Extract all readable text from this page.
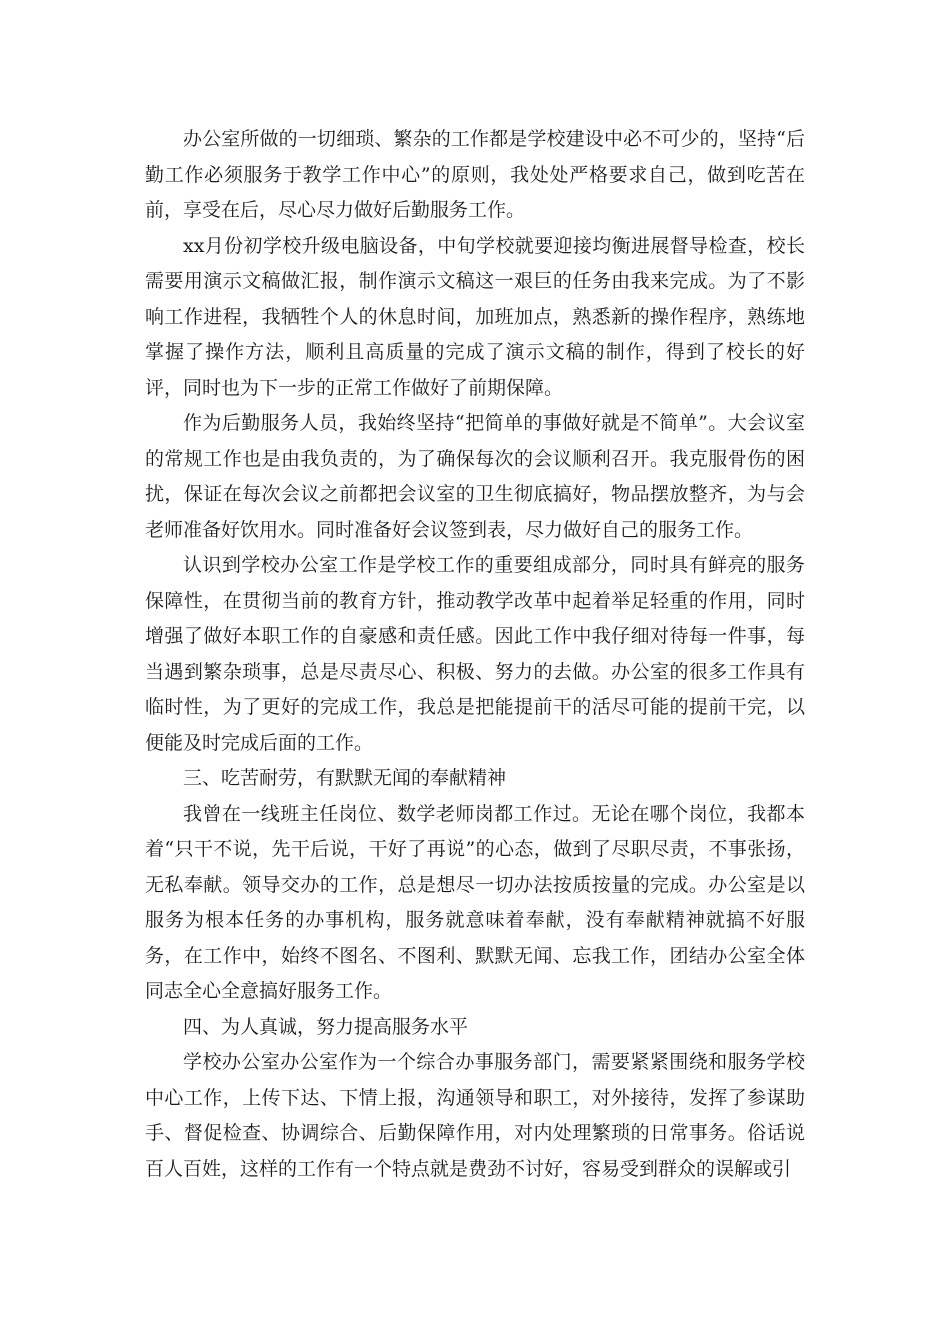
办公室所做的一切细琐、繁杂的工作都是学校建设中必不可少的，坚持“后勤工作必须服务于教学工作中心”的原则，我处处严格要求自己，做到吃苦在前，享受在后，尽心尽力做好后勤服务工作。

xx月份初学校升级电脑设备，中旬学校就要迎接均衡进展督导检查，校长需要用演示文稿做汇报，制作演示文稿这一艰巨的任务由我来完成。为了不影响工作进程，我牺牲个人的休息时间，加班加点，熟悉新的操作程序，熟练地掌握了操作方法，顺利且高质量的完成了演示文稿的制作，得到了校长的好评，同时也为下一步的正常工作做好了前期保障。

作为后勤服务人员，我始终坚持“把简单的事做好就是不简单”。大会议室的常规工作也是由我负责的，为了确保每次的会议顺利召开。我克服骨伤的困扰，保证在每次会议之前都把会议室的卫生彻底搞好，物品摆放整齐，为与会老师准备好饮用水。同时准备好会议签到表，尽力做好自己的服务工作。

认识到学校办公室工作是学校工作的重要组成部分，同时具有鲜亮的服务保障性，在贯彻当前的教育方针，推动教学改革中起着举足轻重的作用，同时增强了做好本职工作的自豪感和责任感。因此工作中我仔细对待每一件事，每当遇到繁杂琐事，总是尽责尽心、积极、努力的去做。办公室的很多工作具有临时性，为了更好的完成工作，我总是把能提前干的活尽可能的提前干完，以便能及时完成后面的工作。

三、吃苦耐劳，有默默无闻的奉献精神

我曾在一线班主任岗位、数学老师岗都工作过。无论在哪个岗位，我都本着“只干不说，先干后说，干好了再说”的心态，做到了尽职尽责，不事张扬，无私奉献。领导交办的工作，总是想尽一切办法按质按量的完成。办公室是以服务为根本任务的办事机构，服务就意味着奉献，没有奉献精神就搞不好服务，在工作中，始终不图名、不图利、默默无闻、忘我工作，团结办公室全体同志全心全意搞好服务工作。

四、为人真诚，努力提高服务水平

学校办公室办公室作为一个综合办事服务部门，需要紧紧围绕和服务学校中心工作，上传下达、下情上报，沟通领导和职工，对外接待，发挥了参谋助手、督促检查、协调综合、后勤保障作用，对内处理繁琐的日常事务。俗话说百人百姓，这样的工作有一个特点就是费劲不讨好，容易受到群众的误解或引
